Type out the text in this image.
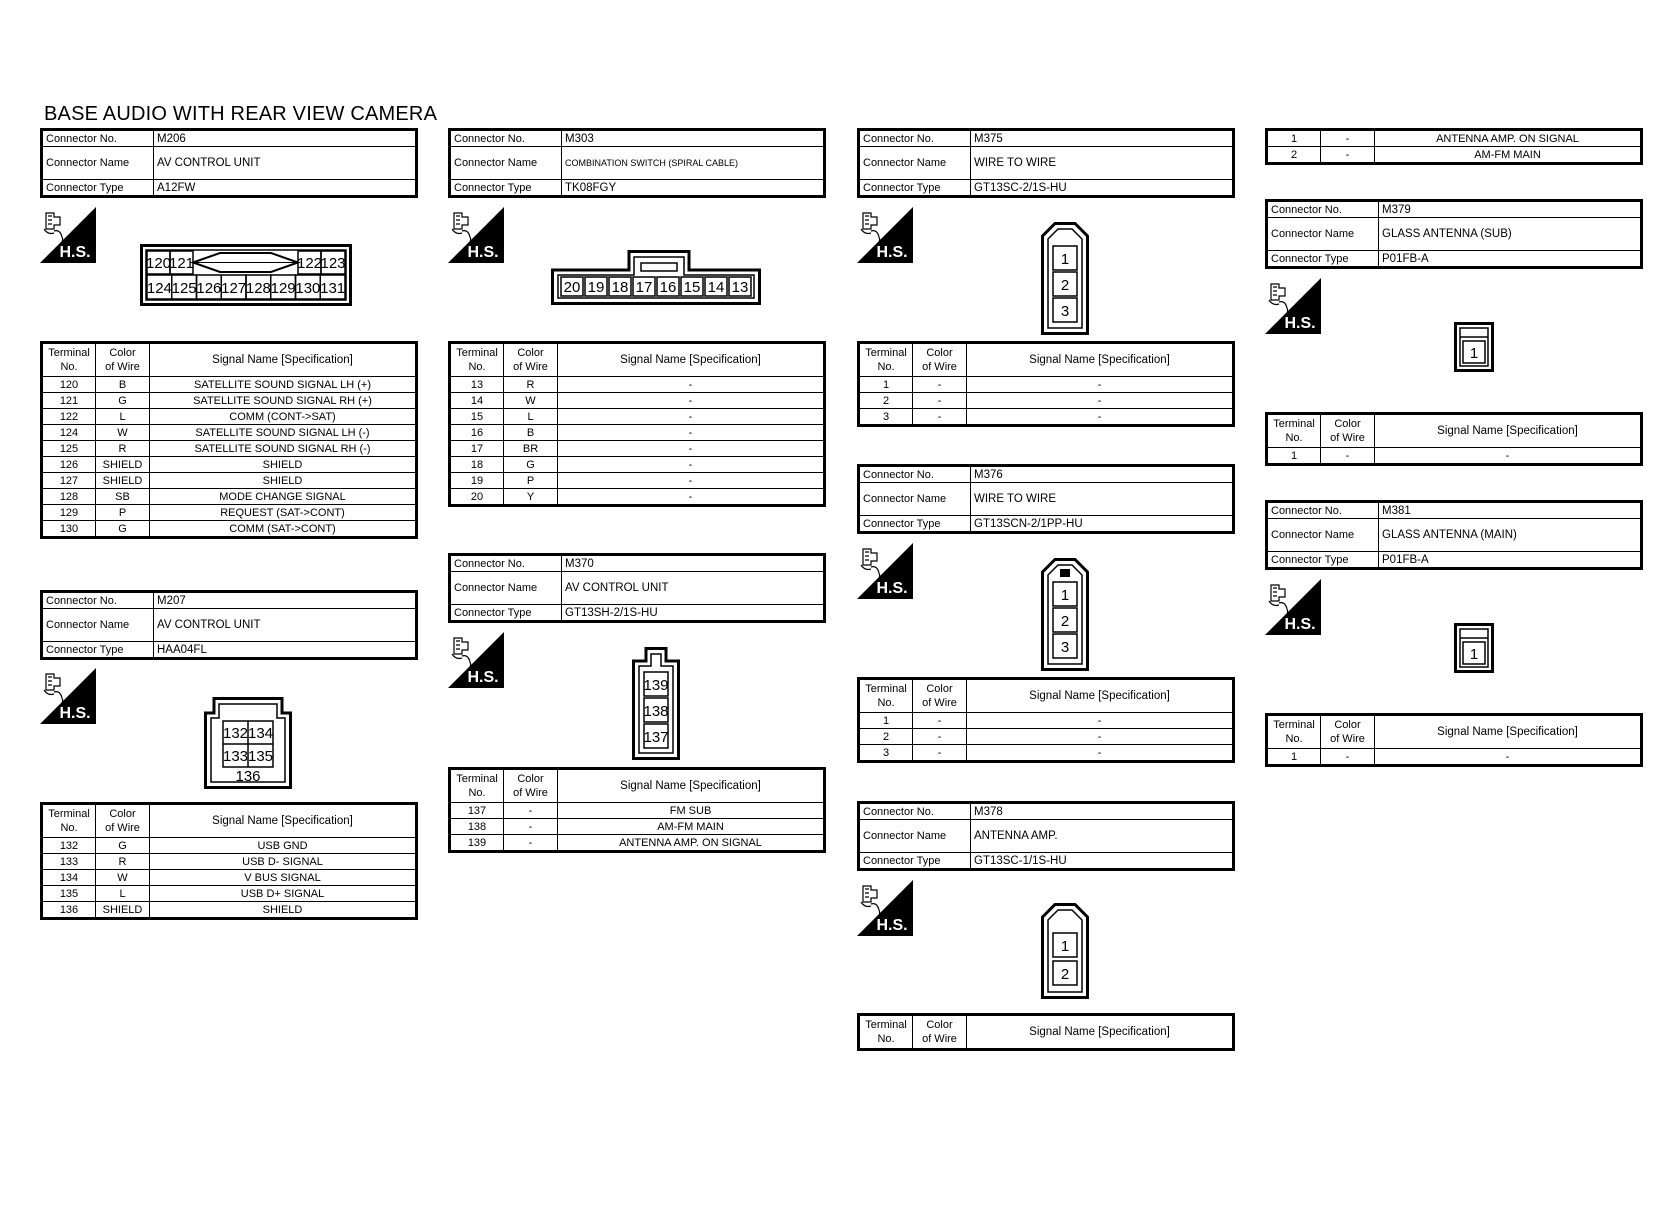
BASE AUDIO WITH REAR VIEW CAMERA
Connector No.	M206
Connector Name	AV CONTROL UNIT
Connector Type	A12FW
H.S.
120
121	122
123
124 125 126 127 128 129 130 131
Terminal
No.	Color
of Wire	Signal Name [Specification]
120	B	SATELLITE SOUND SIGNAL LH (+)
121	G	SATELLITE SOUND SIGNAL RH (+)
122	L	COMM (CONT->SAT)
124	W	SATELLITE SOUND SIGNAL LH (-)
125	R	SATELLITE SOUND SIGNAL RH (-)
126	SHIELD	SHIELD
127	SHIELD	SHIELD
128	SB	MODE CHANGE SIGNAL
129	P	REQUEST (SAT->CONT)
130	G	COMM (SAT->CONT)
Connector No.	M207
Connector Name	AV CONTROL UNIT
Connector Type	HAA04FL
H.S.
132 134
133 135
136
Terminal
No.	Color
of Wire	Signal Name [Specification]
132	G	USB GND
133	R	USB D- SIGNAL
134	W	V BUS SIGNAL
135	L	USB D+ SIGNAL
136	SHIELD	SHIELD
Connector No.	M303
Connector Name	COMBINATION SWITCH (SPIRAL CABLE)
Connector Type	TK08FGY
H.S.
20 19 18 17 16 15 14 13
Terminal
No.	Color
of Wire	Signal Name [Specification]
13	R	-
14	W	-
15	L	-
16	B	-
17	BR	-
18	G	-
19	P	-
20	Y	-
Connector No.	M370
Connector Name	AV CONTROL UNIT
Connector Type	GT13SH-2/1S-HU
H.S.	139
138
137
Terminal
No.	Color
of Wire	Signal Name [Specification]
137	-	FM SUB
138	-	AM-FM MAIN
139	-	ANTENNA AMP. ON SIGNAL
Connector No.	M375
Connector Name	WIRE TO WIRE
Connector Type	GT13SC-2/1S-HU
H.S.	1
2
3
Terminal
No.	Color
of Wire	Signal Name [Specification]
1	-	-
2	-	-
3	-	-
Connector No.	M376
Connector Name	WIRE TO WIRE
Connector Type	GT13SCN-2/1PP-HU
H.S.	1
2
3
Terminal
No.	Color
of Wire	Signal Name [Specification]
1	-	-
2	-	-
3	-	-
Connector No.	M378
Connector Name	ANTENNA AMP.
Connector Type	GT13SC-1/1S-HU
H.S.
1
2
Terminal
No.	Color
of Wire	Signal Name [Specification]
1	-	ANTENNA AMP. ON SIGNAL
2	-	AM-FM MAIN
Connector No.	M379
Connector Name	GLASS ANTENNA (SUB)
Connector Type	P01FB-A
H.S.
1
Terminal
No.	Color
of Wire	Signal Name [Specification]
1	-	-
Connector No.	M381
Connector Name	GLASS ANTENNA (MAIN)
Connector Type	P01FB-A
H.S.
1
Terminal
No.	Color
of Wire	Signal Name [Specification]
1	-	-
